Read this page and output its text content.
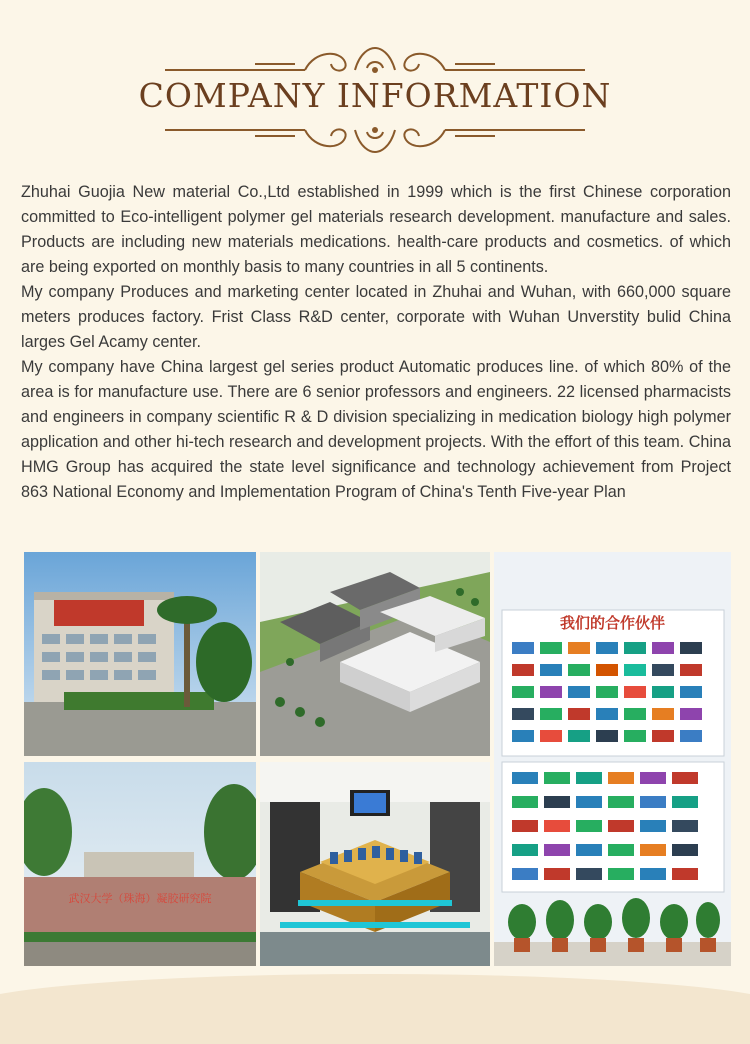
COMPANY INFORMATION

Zhuhai Guojia New material Co.,Ltd established in 1999 which is the first Chinese corporation committed to Eco-intelligent polymer gel materials research development. manufacture and sales. Products are including new materials medications. health-care products and cosmetics. of which are being exported on monthly basis to many countries in all 5 continents.

My company Produces and marketing center located in Zhuhai and Wuhan, with 660,000 square meters produces factory. Frist Class R&D center, corporate with Wuhan Unverstity bulid China larges Gel Acamy center.

My company have China largest gel series product Automatic produces line. of which 80% of the area is for manufacture use. There are 6 senior professors and engineers. 22 licensed pharmacists and engineers in company scientific R & D division specializing in medication biology high polymer application and other hi-tech research and development projects. With the effort of this team. China HMG Group has acquired the state level significance and technology achievement from Project 863 National Economy and Implementation Program of China's Tenth Five-year Plan

我们的合作伙伴
武汉大学（珠海）凝胶研究院
